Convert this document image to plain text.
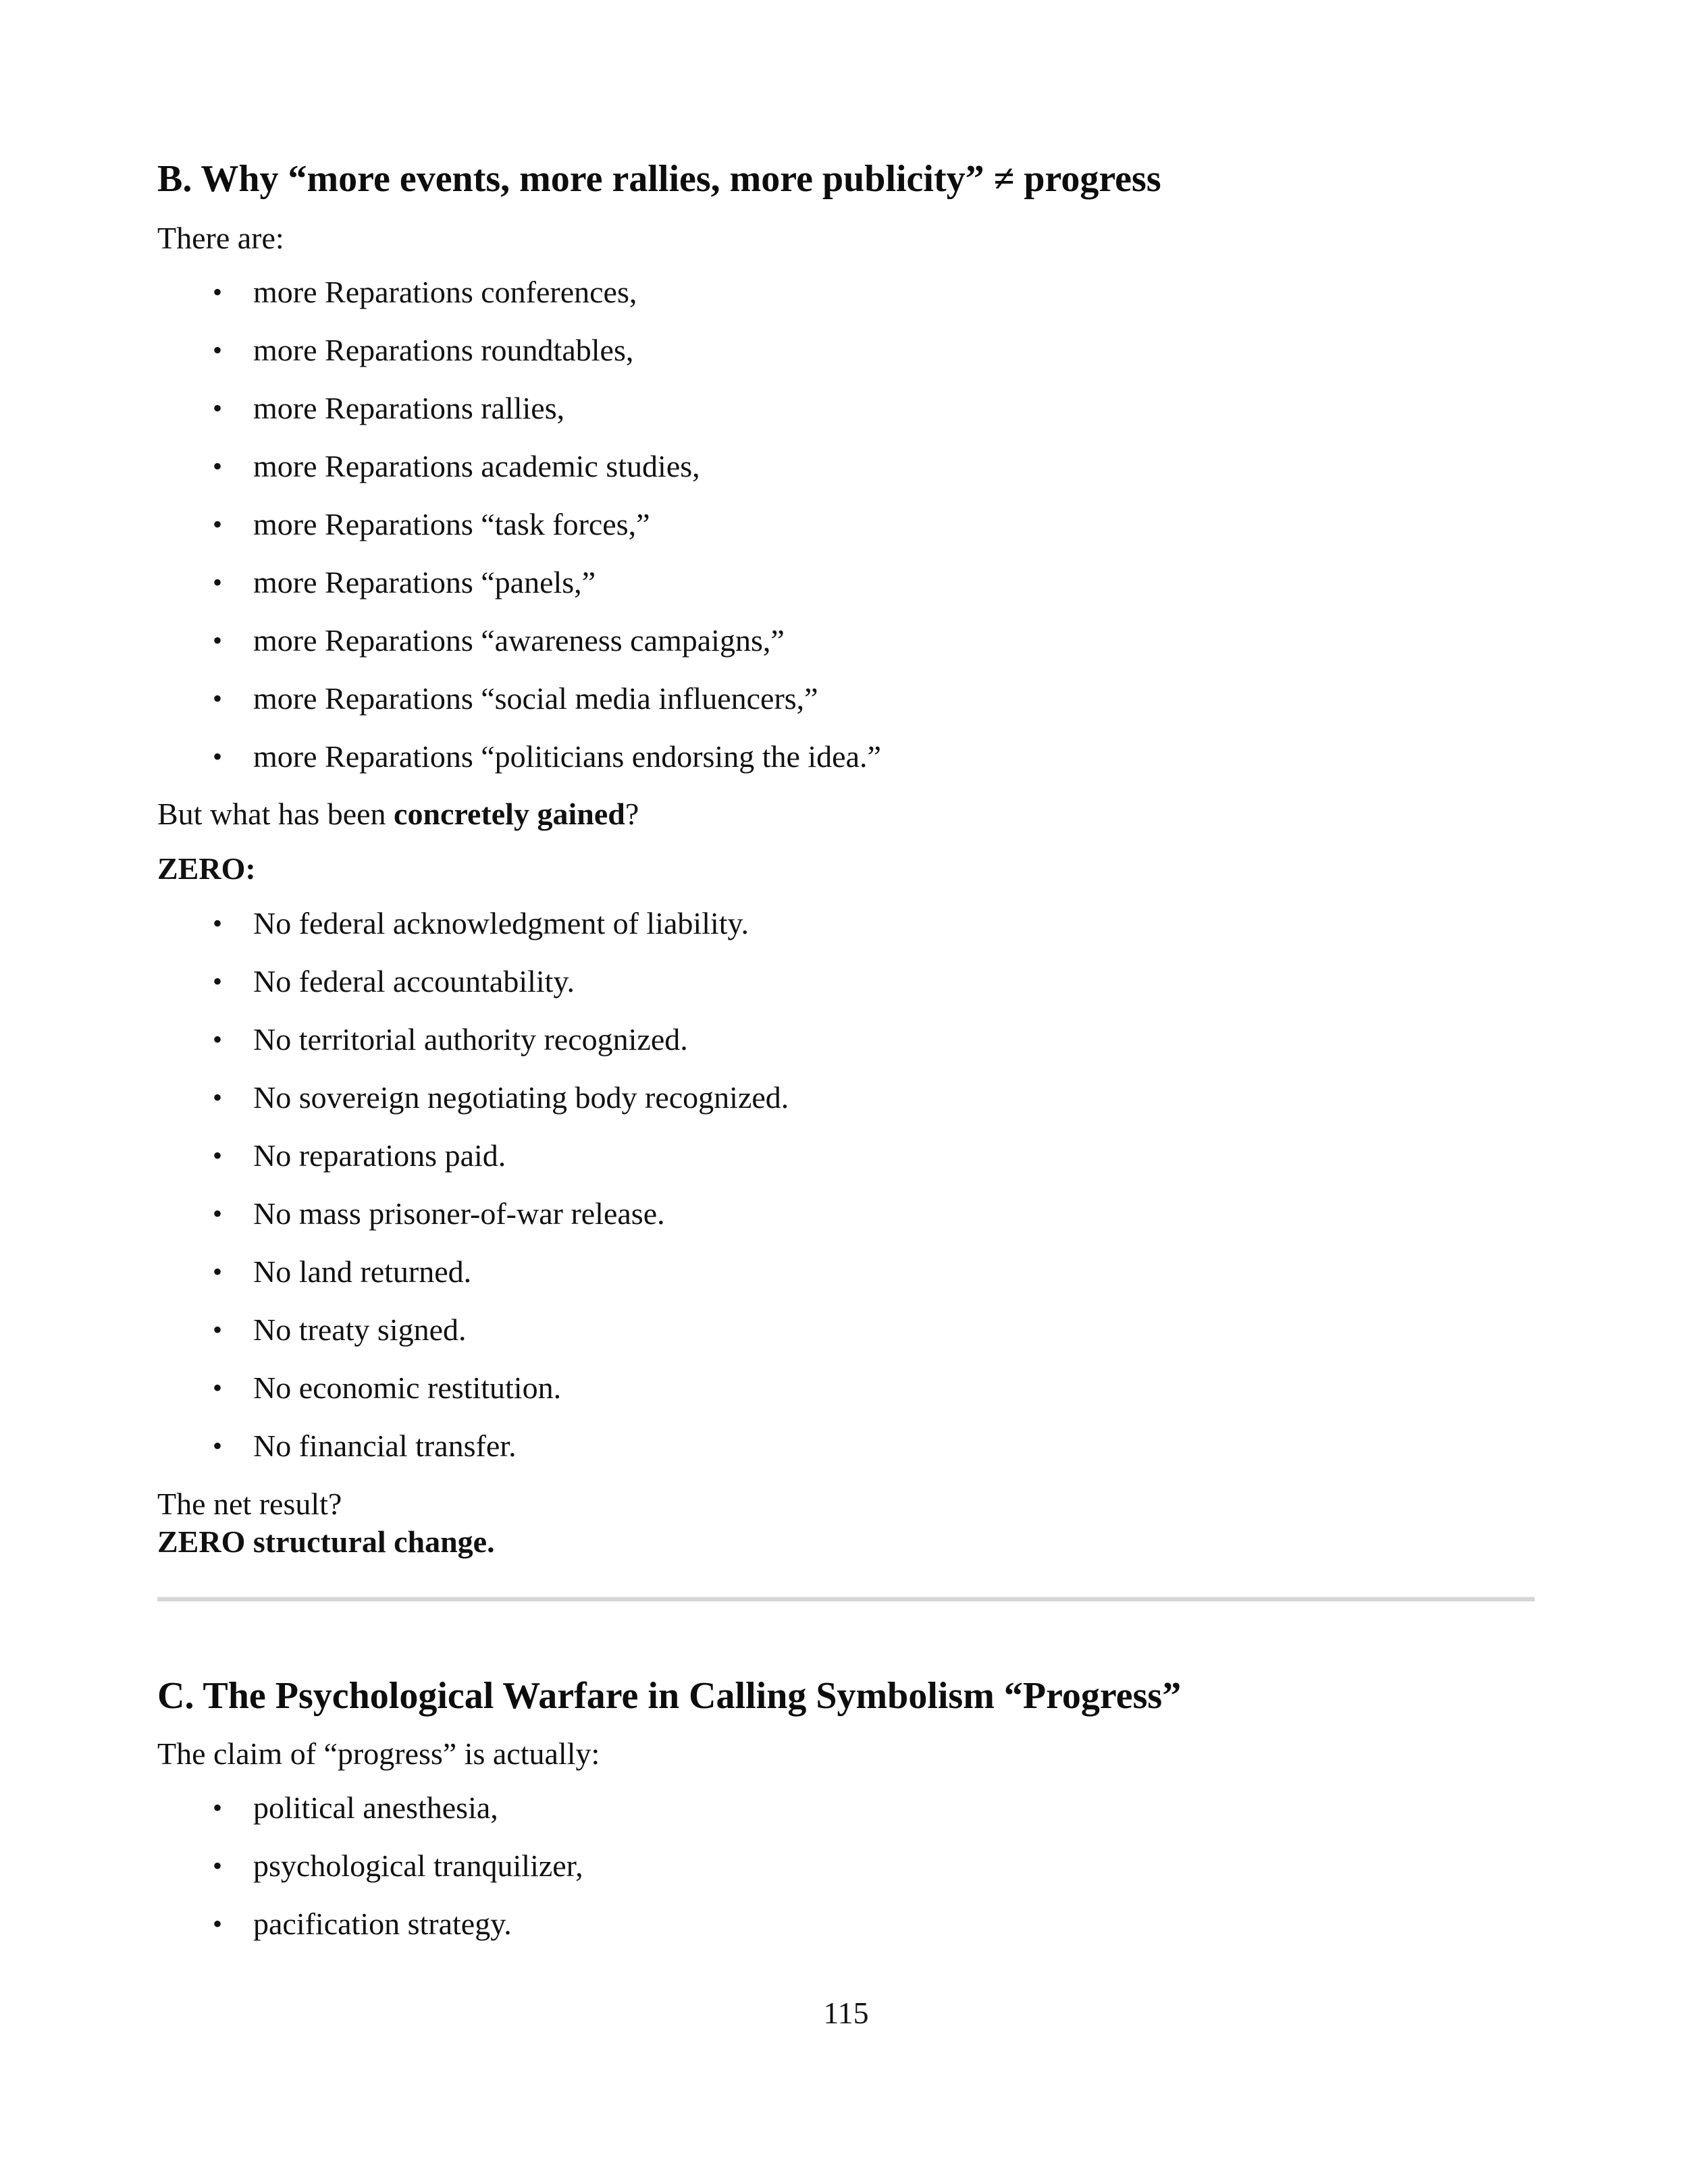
B. Why “more events, more rallies, more publicity” ≠ progress

There are:

• more Reparations conferences,
• more Reparations roundtables,
• more Reparations rallies,
• more Reparations academic studies,
• more Reparations “task forces,”
• more Reparations “panels,”
• more Reparations “awareness campaigns,”
• more Reparations “social media influencers,”
• more Reparations “politicians endorsing the idea.”

But what has been concretely gained?

ZERO:

• No federal acknowledgment of liability.
• No federal accountability.
• No territorial authority recognized.
• No sovereign negotiating body recognized.
• No reparations paid.
• No mass prisoner-of-war release.
• No land returned.
• No treaty signed.
• No economic restitution.
• No financial transfer.

The net result?

ZERO structural change.

C. The Psychological Warfare in Calling Symbolism “Progress”

The claim of “progress” is actually:

• political anesthesia,
• psychological tranquilizer,
• pacification strategy.
115
